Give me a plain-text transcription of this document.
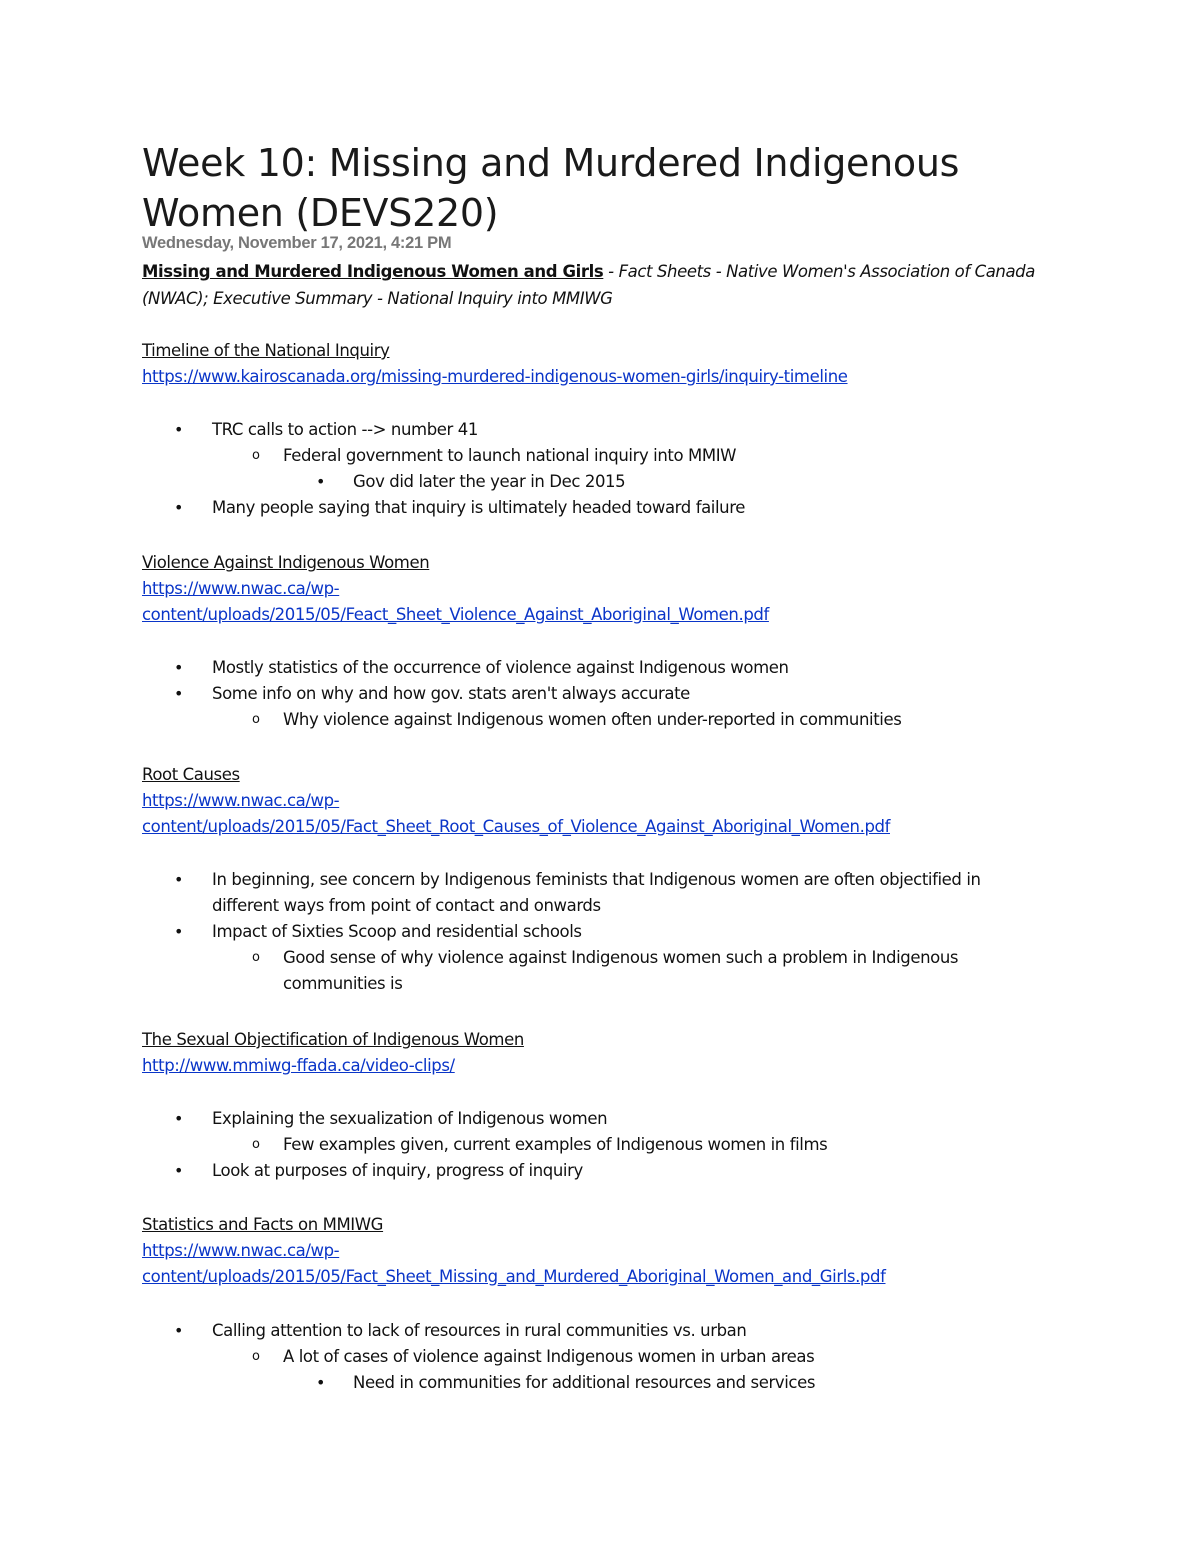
Week 10: Missing and Murdered Indigenous Women (DEVS220)
Wednesday, November 17, 2021, 4:21 PM
Missing and Murdered Indigenous Women and Girls - Fact Sheets - Native Women's Association of Canada (NWAC); Executive Summary - National Inquiry into MMIWG
Timeline of the National Inquiry
https://www.kairoscanada.org/missing-murdered-indigenous-women-girls/inquiry-timeline
• TRC calls to action --> number 41
o Federal government to launch national inquiry into MMIW
• Gov did later the year in Dec 2015
• Many people saying that inquiry is ultimately headed toward failure
Violence Against Indigenous Women
https://www.nwac.ca/wp-
content/uploads/2015/05/Feact_Sheet_Violence_Against_Aboriginal_Women.pdf
• Mostly statistics of the occurrence of violence against Indigenous women
• Some info on why and how gov. stats aren't always accurate
o Why violence against Indigenous women often under-reported in communities
Root Causes
https://www.nwac.ca/wp-
content/uploads/2015/05/Fact_Sheet_Root_Causes_of_Violence_Against_Aboriginal_Women.pdf
• In beginning, see concern by Indigenous feminists that Indigenous women are often objectified in different ways from point of contact and onwards
• Impact of Sixties Scoop and residential schools
o Good sense of why violence against Indigenous women such a problem in Indigenous communities is
The Sexual Objectification of Indigenous Women
http://www.mmiwg-ffada.ca/video-clips/
• Explaining the sexualization of Indigenous women
o Few examples given, current examples of Indigenous women in films
• Look at purposes of inquiry, progress of inquiry
Statistics and Facts on MMIWG
https://www.nwac.ca/wp-
content/uploads/2015/05/Fact_Sheet_Missing_and_Murdered_Aboriginal_Women_and_Girls.pdf
• Calling attention to lack of resources in rural communities vs. urban
o A lot of cases of violence against Indigenous women in urban areas
• Need in communities for additional resources and services
